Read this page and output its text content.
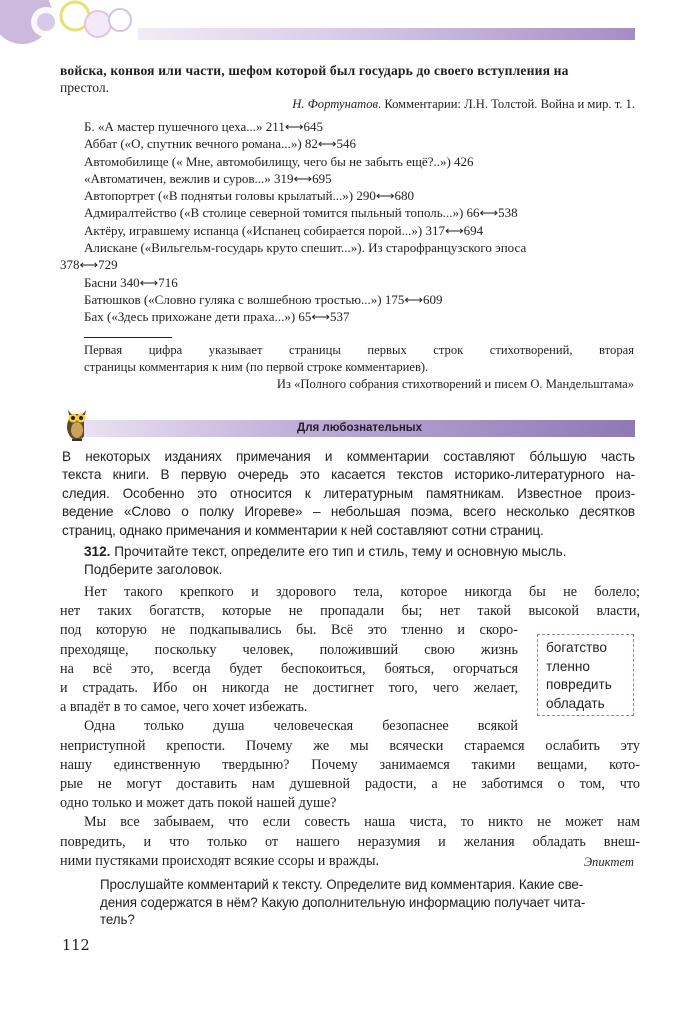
войска, конвоя или части, шефом которой был государь до своего вступления на
престол.
Н. Фортунатов. Комментарии: Л.Н. Толстой. Война и мир. т. 1.
Б. «А мастер пушечного цеха...» 211⟷645
Аббат («О, спутник вечного романа...») 82⟷546
Автомобилище (« Мне, автомобилищу, чего бы не забыть ещё?..») 426
«Автоматичен, вежлив и суров...» 319⟷695
Автопортрет («В поднятьи головы крылатый...») 290⟷680
Адмиралтейство («В столице северной томится пыльный тополь...») 66⟷538
Актёру, игравшему испанца («Испанец собирается порой...») 317⟷694
Алискане («Вильгельм-государь круто спешит...»). Из старофранцузского эпоса
378⟷729
Басни 340⟷716
Батюшков («Словно гуляка с волшебною тростью...») 175⟷609
Бах («Здесь прихожане дети праха...») 65⟷537
Первая цифра указывает страницы первых строк стихотворений, вторая
страницы комментария к ним (по первой строке комментариев).
Из «Полного собрания стихотворений и писем О. Мандельштама»
Для любознательных
В некоторых изданиях примечания и комментарии составляют бо́льшую часть
текста книги. В первую очередь это касается текстов историко-литературного на-
следия. Особенно это относится к литературным памятникам. Известное произ-
ведение «Слово о полку Игореве» – небольшая поэма, всего несколько десятков
страниц, однако примечания и комментарии к ней составляют сотни страниц.
312. Прочитайте текст, определите его тип и стиль, тему и основную мысль.
Подберите заголовок.
Нет такого крепкого и здорового тела, которое никогда бы не болело;
нет таких богатств, которые не пропадали бы; нет такой высокой власти,
под которую не подкапывались бы. Всё это тленно и скоро-
преходяще, поскольку человек, положивший свою жизнь
на всё это, всегда будет беспокоиться, бояться, огорчаться
и страдать. Ибо он никогда не достигнет того, чего желает,
а впадёт в то самое, чего хочет избежать.
Одна только душа человеческая безопаснее всякой
неприступной крепости. Почему же мы всячески стараемся ослабить эту
нашу единственную твердыню? Почему занимаемся такими вещами, кото-
рые не могут доставить нам душевной радости, а не заботимся о том, что
одно только и может дать покой нашей душе?
Мы все забываем, что если совесть наша чиста, то никто не может нам
повредить, и что только от нашего неразумия и желания обладать внеш-
ними пустяками происходят всякие ссоры и вражды.
богатство
тленно
повредить
обладать
Эпиктет
Прослушайте комментарий к тексту. Определите вид комментария. Какие све-
дения содержатся в нём? Какую дополнительную информацию получает чита-
тель?
112
